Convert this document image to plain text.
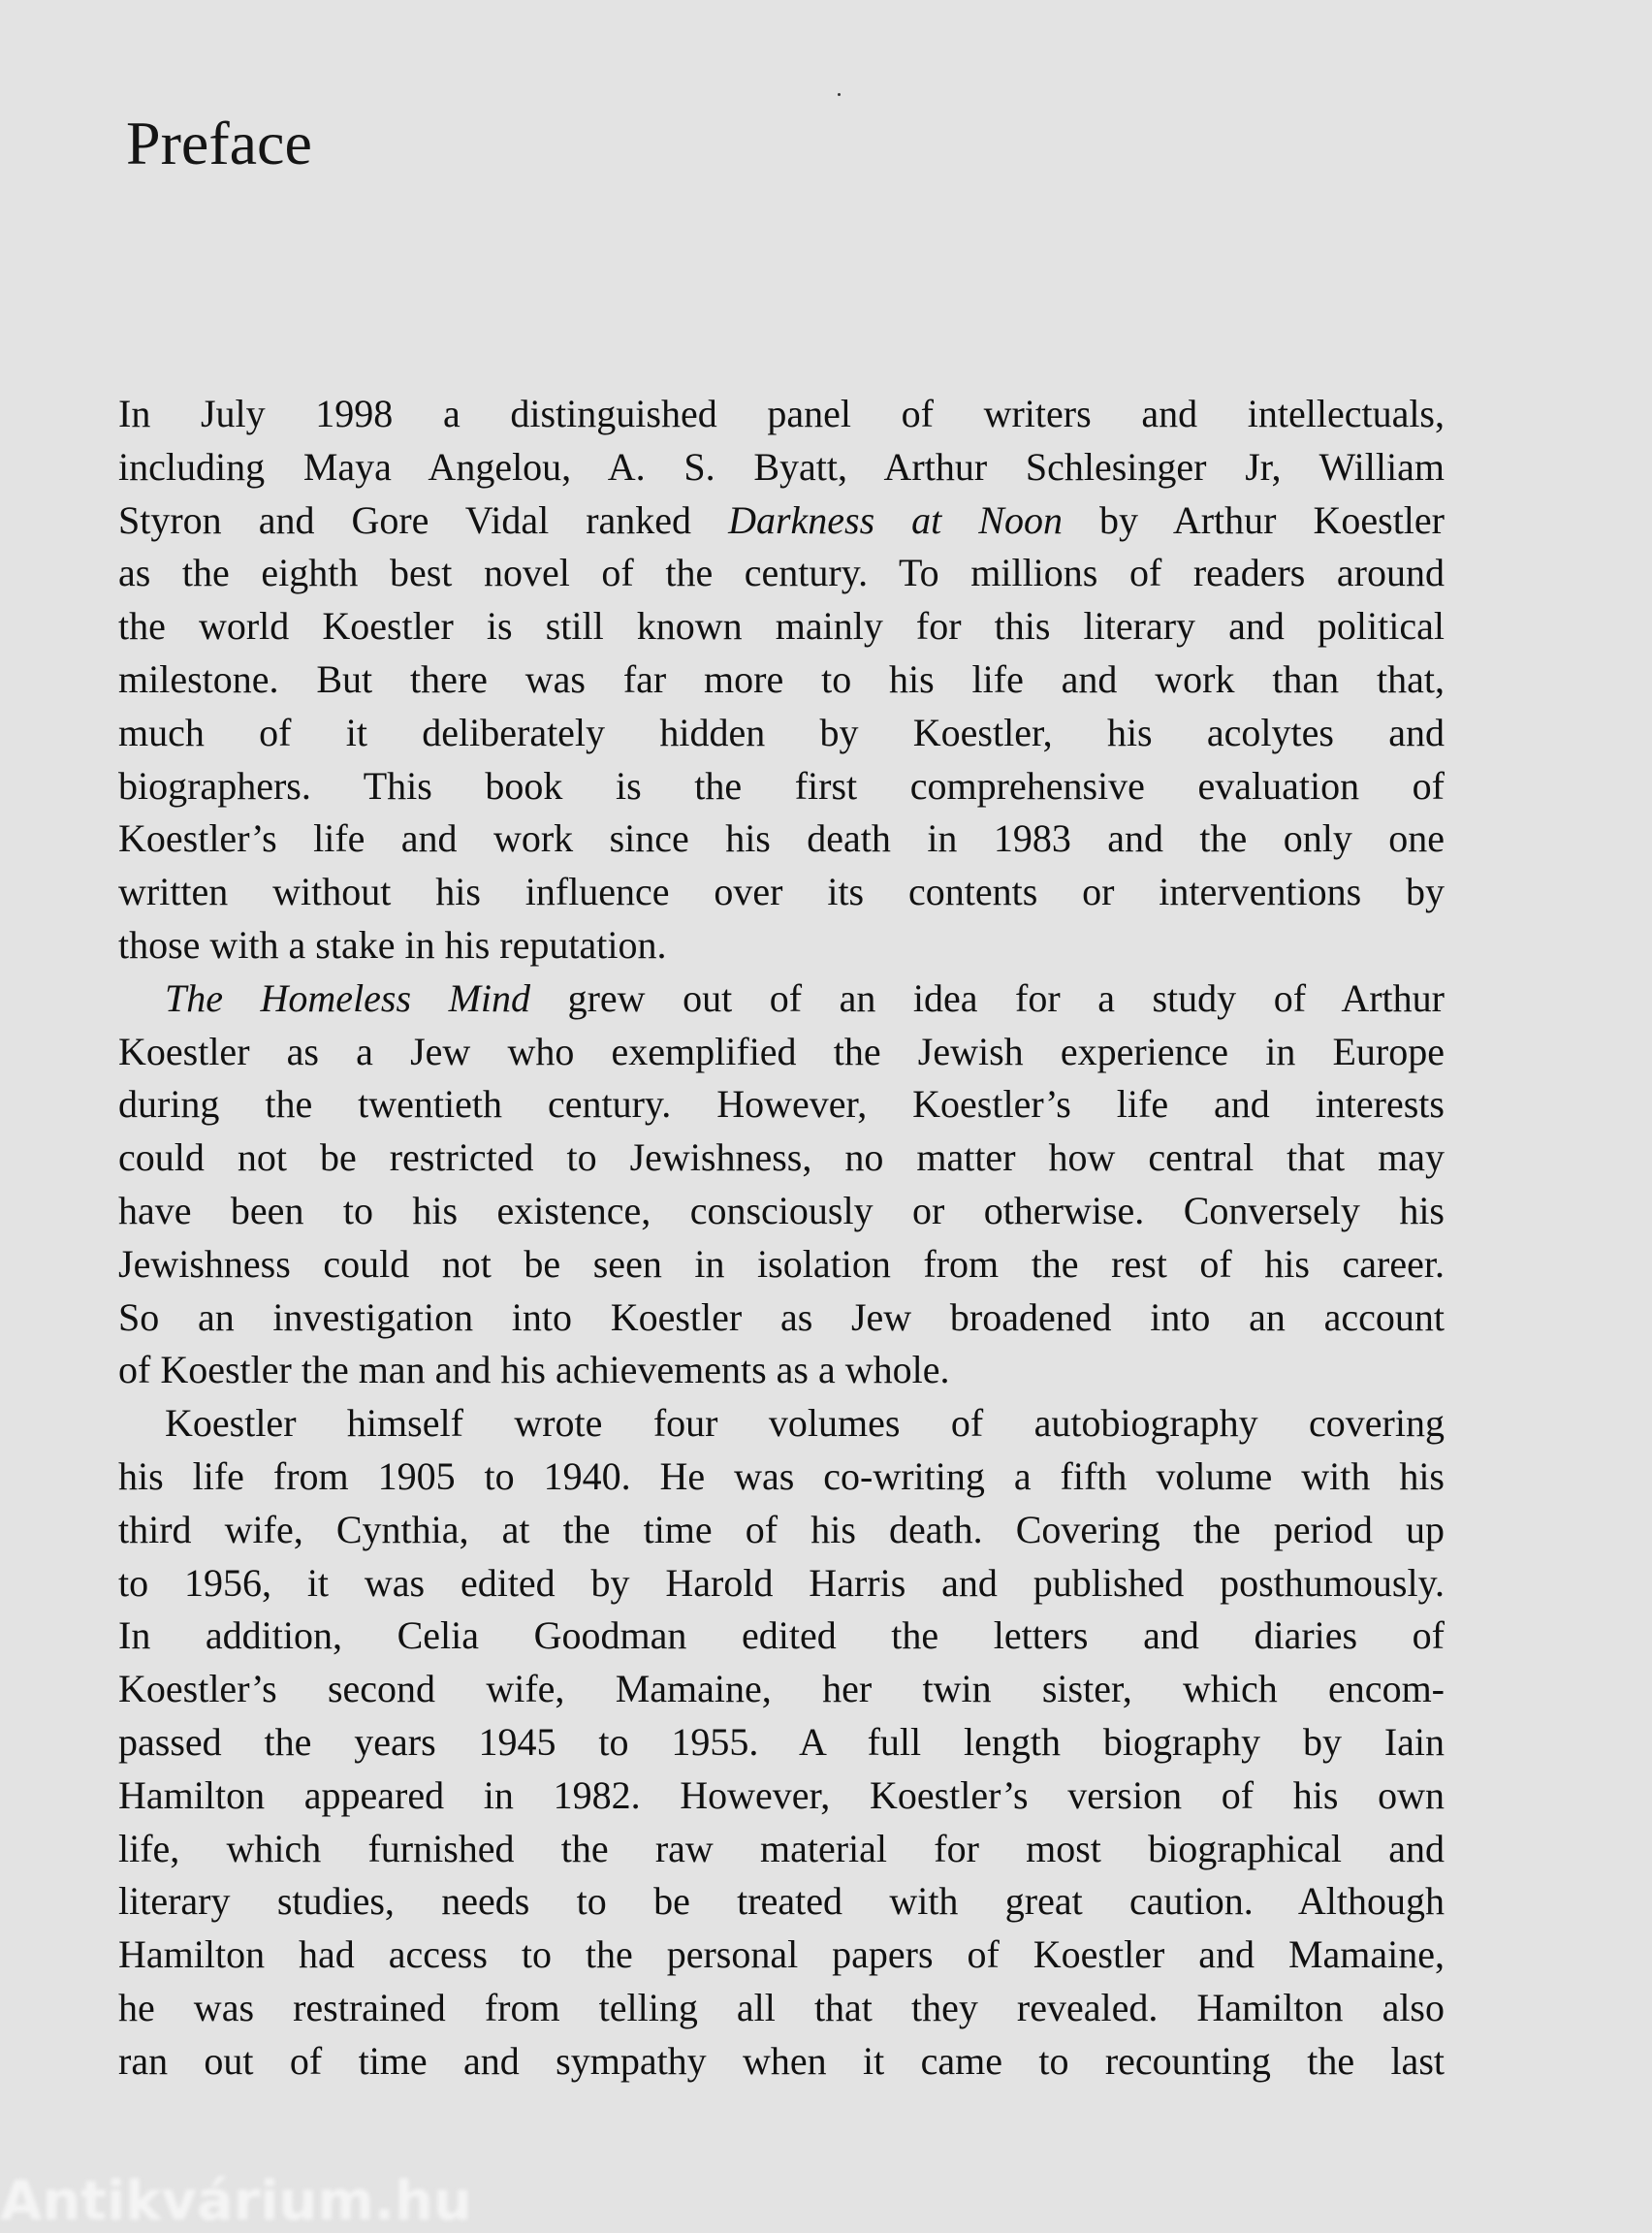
Preface
In July 1998 a distinguished panel of writers and intellectuals,
including Maya Angelou, A. S. Byatt, Arthur Schlesinger Jr, William
Styron and Gore Vidal ranked Darkness at Noon by Arthur Koestler
as the eighth best novel of the century. To millions of readers around
the world Koestler is still known mainly for this literary and political
milestone. But there was far more to his life and work than that,
much of it deliberately hidden by Koestler, his acolytes and
biographers. This book is the first comprehensive evaluation of
Koestler’s life and work since his death in 1983 and the only one
written without his influence over its contents or interventions by
those with a stake in his reputation.
The Homeless Mind grew out of an idea for a study of Arthur
Koestler as a Jew who exemplified the Jewish experience in Europe
during the twentieth century. However, Koestler’s life and interests
could not be restricted to Jewishness, no matter how central that may
have been to his existence, consciously or otherwise. Conversely his
Jewishness could not be seen in isolation from the rest of his career.
So an investigation into Koestler as Jew broadened into an account
of Koestler the man and his achievements as a whole.
Koestler himself wrote four volumes of autobiography covering
his life from 1905 to 1940. He was co-writing a fifth volume with his
third wife, Cynthia, at the time of his death. Covering the period up
to 1956, it was edited by Harold Harris and published posthumously.
In addition, Celia Goodman edited the letters and diaries of
Koestler’s second wife, Mamaine, her twin sister, which encom-
passed the years 1945 to 1955. A full length biography by Iain
Hamilton appeared in 1982. However, Koestler’s version of his own
life, which furnished the raw material for most biographical and
literary studies, needs to be treated with great caution. Although
Hamilton had access to the personal papers of Koestler and Mamaine,
he was restrained from telling all that they revealed. Hamilton also
ran out of time and sympathy when it came to recounting the last
Antikvárium.hu
